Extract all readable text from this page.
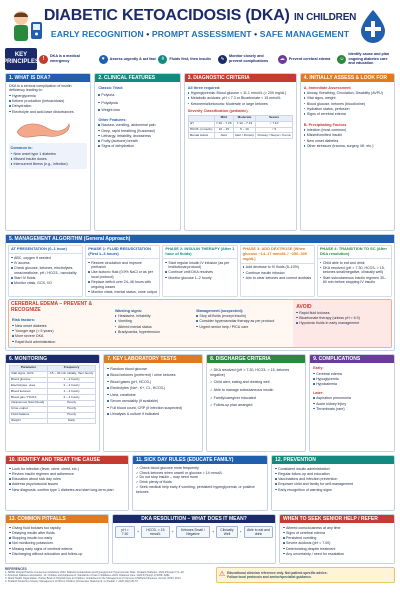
DIABETIC KETOACIDOSIS (DKA) IN CHILDREN
EARLY RECOGNITION • PROMPT ASSESSMENT • SAFE MANAGEMENT
KEY PRINCIPLES
!	DKA is a medical emergency	♥	Assess urgently & act fast	◊	Fluids first, then insulin	∿	Monitor closely and prevent complications	☁	Prevent cerebral edema	☺
Identify cause and plan ongoing diabetes care and education
1. WHAT IS DKA?
DKA is a serious complication of insulin deficiency leading to:
Hyperglycemia
Ketone production (ketoacidosis)
Dehydration
Electrolyte and acid-base disturbances
Common in:
New onset type 1 diabetes
Missed insulin doses
Intercurrent illness (e.g., infection)
2. CLINICAL FEATURES
Classic Triad:
Polyuria
Polydipsia
Weight loss
Other Features:
Nausea, vomiting, abdominal pain
Deep, rapid breathing (Kussmaul)
Lethargy, irritability, drowsiness
Fruity (acetone) breath
Signs of dehydration
3. DIAGNOSTIC CRITERIA
All three required:
Hyperglycemia: Blood glucose > 11.1 mmol/L (> 200 mg/dL)
Metabolic acidosis: pH < 7.3 or Bicarbonate < 15 mmol/L
Ketonemia/ketonuria: Moderate or large ketones
Severity Classification (pediatric)
	Mild	Moderate	Severe
pH	7.20 – 7.29	7.10 – 7.19	< 7.10
HCO3- (mmol/L)	10 – 15	5 – 10	< 5
Mental status	Alert	Alert / Drowsy	Drowsy / Stupor / Coma
4. INITIALLY ASSESS & LOOK FOR
A. Immediate Assessment
Airway, Breathing, Circulation, Disability (AVPU)
Vital signs, weight
Blood glucose, ketones (blood/urine)
Hydration status, perfusion
Signs of cerebral edema
B. Precipitating Factors
Infection (most common)
Missed/omitted insulin
New onset diabetes
Other stressors (trauma, surgery, MI, etc.)
5. MANAGEMENT ALGORITHM (General Approach)
AT PRESENTATION (0–1 hour)
ABC, oxygen if needed
IV access
Check glucose, ketones, electrolytes, urea/creatinine, pH / HCO3-, osmolality
Start IV fluids
Monitor vitals, GCS, I/O
PHASE 1: FLUID RESUSCITATION (First 1–4 hours)
Restore circulation and improve perfusion
Use isotonic fluid (0.9% NaCl or as per local protocol)
Replace deficit over 24–48 hours with ongoing losses
Monitor vitals, mental status, urine output
PHASE 2: INSULIN THERAPY (After 1 hour of fluids)
Start regular insulin IV infusion (as per institutional protocol)
Continue until DKA resolves
Monitor glucose 1–2 hourly
PHASE 3: ADD DEXTROSE (When glucose ~14–17 mmol/L / ~250–300 mg/dL)
Add dextrose to IV fluids (5–10%)
Continue insulin infusion
Aim to clear ketones and correct acidosis
PHASE 4: TRANSITION TO SC (After DKA resolution)
Child able to eat and drink
DKA resolved (pH > 7.30, HCO3- > 15, ketones small/negative, clinically well)
Start subcutaneous insulin regimen 30–60 min before stopping IV insulin
CEREBRAL EDEMA – PREVENT & RECOGNIZE
Risk factors:
New onset diabetes
Younger age (< 5 years)
More severe DKA
Rapid fluid administration
Warning signs:
Headache, irritability
Vomiting
Altered mental status
Bradycardia, hypertension
Management (suspected):
Stop all fluids (except insulin)
Consider hyperosmolar therapy as per protocol
Urgent senior help / PICU care
AVOID
Rapid fluid boluses
Bicarbonate therapy (unless pH < 6.9)
Hypotonic fluids in early management
6. MONITORING
Parameter	Frequency
Vital signs, GCS	15 – 30 min initially, then hourly
Blood glucose	1 – 2 hourly
Electrolytes, urea	2 – 4 hourly
Blood ketones	1 – 2 hourly
Blood gas / HCO3-	2 – 4 hourly
Intravenous fluid (blood)	Hourly
Urine output	Hourly
Fluid balance	Hourly
Weight	Daily
7. KEY LABORATORY TESTS
Random blood glucose
Blood ketones (preferred) / urine ketones
Blood gases (pH, HCO3-)
Electrolytes (Na+, K+, Cl-, HCO3-)
Urea, creatinine
Serum osmolality (if available)
Full blood count, CRP (if infection suspected)
Urinalysis & culture if indicated
8. DISCHARGE CRITERIA
✔ DKA resolved (pH > 7.30, HCO3- > 15, ketones negative)
✔ Child alert, eating and drinking well
✔ Able to manage subcutaneous insulin
✔ Family/caregiver educated
✔ Follow-up plan arranged
9. COMPLICATIONS
Early:
Cerebral edema
Hypoglycemia
Hypokalemia
Later:
Aspiration pneumonia
Acute kidney injury
Thrombosis (rare)
10. IDENTIFY AND TREAT THE CAUSE
Look for infection (fever, urine, chest, etc.)
Review insulin regimen and adherence
Education about sick day rules
Address psychosocial issues
New diagnosis: confirm type 1 diabetes and start long-term plan
11. SICK DAY RULES (EDUCATE FAMILY)
✔ Check blood glucose more frequently
✔ Check ketones when unwell or glucose > 14 mmol/L
✔ Do not stop insulin – may need more
✔ Drink plenty of fluids
✔ Seek medical help early if vomiting, persistent hyperglycemia, or positive ketones
12. PREVENTION
Consistent insulin administration
Regular follow-up and education
Vaccinations and infection prevention
Empower child and family for self-management
Early recognition of warning signs
13. COMMON PITFALLS
Giving fluid boluses too rapidly
Delaying insulin after fluids
Stopping insulin too early
Not monitoring potassium
Missing early signs of cerebral edema
Discharging without education and follow-up
DKA RESOLUTION – WHAT DOES IT MEAN?
pH > 7.30
+	HCO3- > 15 mmol/L
+	Ketones Small / Negative
+	Clinically Well
+	Able to eat and drink
WHEN TO SEEK SENIOR HELP / REFER
Altered consciousness at any time
Signs of cerebral edema
Persistent vomiting
Severe acidosis (pH < 7.00)
Deteriorating despite treatment
Any uncertainty / need for escalation
REFERENCES
1. ISPAD Clinical Practice Consensus Guidelines 2022: Diabetic Ketoacidosis and Hyperglycemic Hyperosmolar State. Pediatric Diabetes. 2022;23(suppl 7):1–26.
2. American Diabetes Association. 14. Children and Adolescents: Standards of Care in Diabetes–2024. Diabetes Care. 2024;47(Suppl 1):S258–S281.
3. World Health Organization. Pocket Book of Hospital Care for Children: Guidelines for the Management of Common Childhood Illnesses. 2nd ed. WHO; 2013.
4. Pediatric Endocrine Society. Management of DKA in Children (Consensus Statement). Int Pediatr J. 2020;10(2):45–57.
⚠ Educational clinician reference only. Not patient-specific advice.
Follow local protocols and senior/specialist guidance.
